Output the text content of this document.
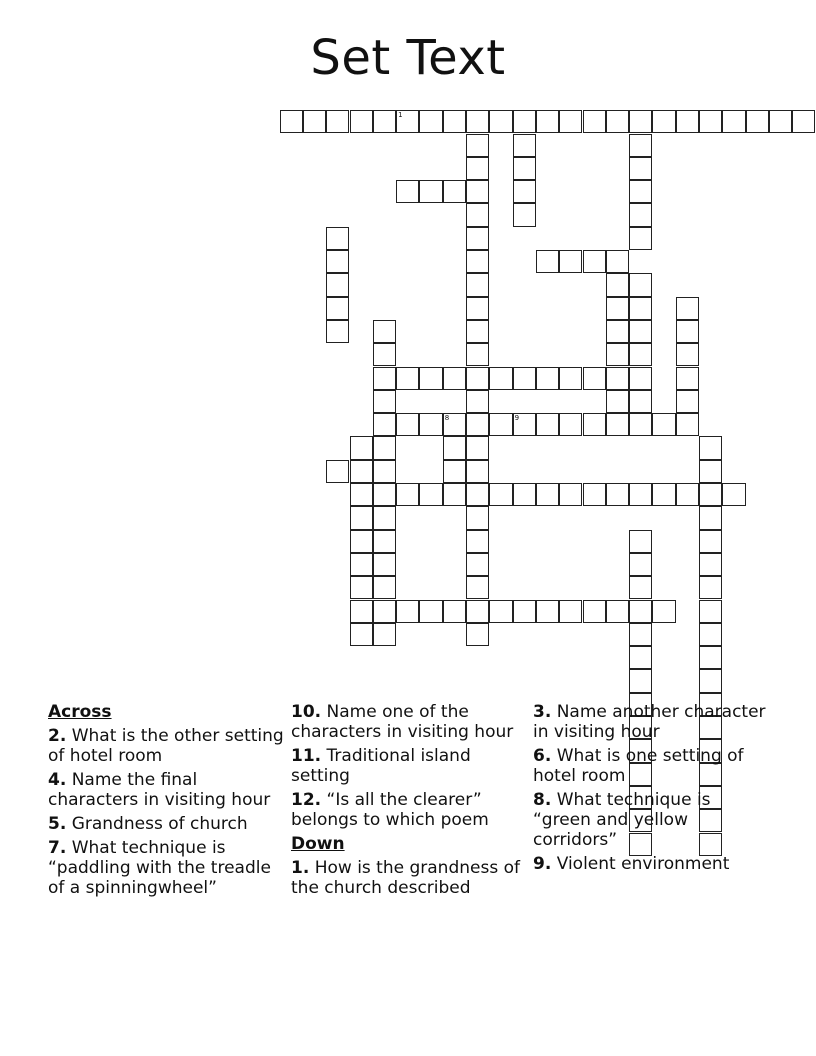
Set Text
1
8	9
Across
2. What is the other setting of hotel room
4. Name the final characters in visiting hour
5. Grandness of church
7. What technique is “paddling with the treadle of a spinningwheel”
10. Name one of the characters in visiting hour
11. Traditional island setting
12. “Is all the clearer” belongs to which poem
Down
1. How is the grandness of the church described
3. Name another character in visiting hour
6. What is one setting of hotel room
8. What technique is “green and yellow corridors”
9. Violent environment
